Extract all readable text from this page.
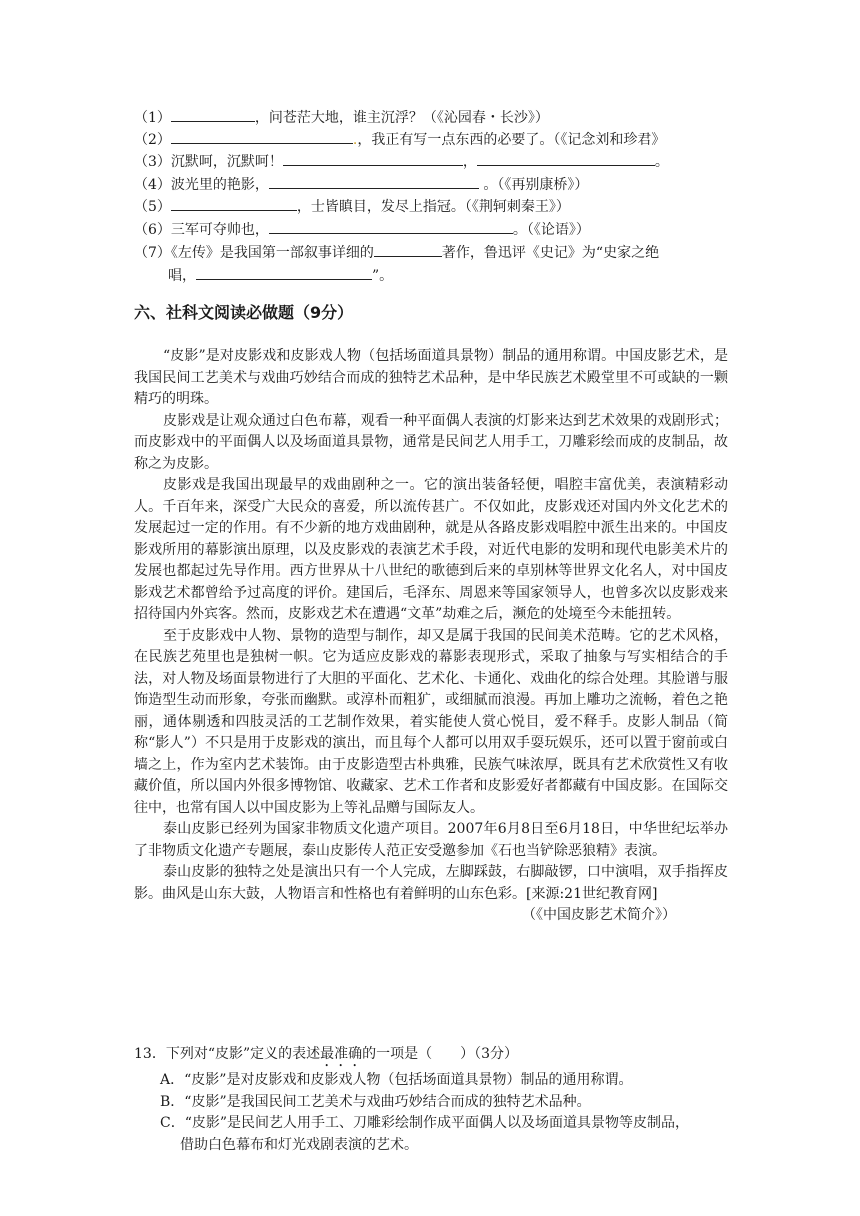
（1）	，问苍茫大地，谁主沉浮？（《沁园春・长沙》）
（2）	.，我正有写一点东西的必要了。（《记念刘和珍君》
（3）沉默呵，沉默呵！	，	。
（4）波光里的艳影，	。（《再别康桥》）
（5）	，士皆瞋目，发尽上指冠。（《荆轲刺秦王》）
（6）三军可夺帅也，	。（《论语》）
（7）《左传》是我国第一部叙事详细的	著作，鲁迅评《史记》为“史家之绝
唱，	”。
六、社科文阅读必做题（9分）

“皮影”是对皮影戏和皮影戏人物（包括场面道具景物）制品的通用称谓。中国皮影艺术，是我国民间工艺美术与戏曲巧妙结合而成的独特艺术品种，是中华民族艺术殿堂里不可或缺的一颗精巧的明珠。

皮影戏是让观众通过白色布幕，观看一种平面偶人表演的灯影来达到艺术效果的戏剧形式；而皮影戏中的平面偶人以及场面道具景物，通常是民间艺人用手工，刀雕彩绘而成的皮制品，故称之为皮影。

皮影戏是我国出现最早的戏曲剧种之一。它的演出装备轻便，唱腔丰富优美，表演精彩动人。千百年来，深受广大民众的喜爱，所以流传甚广。不仅如此，皮影戏还对国内外文化艺术的发展起过一定的作用。有不少新的地方戏曲剧种，就是从各路皮影戏唱腔中派生出来的。中国皮影戏所用的幕影演出原理，以及皮影戏的表演艺术手段，对近代电影的发明和现代电影美术片的发展也都起过先导作用。西方世界从十八世纪的歌德到后来的卓别林等世界文化名人，对中国皮影戏艺术都曾给予过高度的评价。建国后，毛泽东、周恩来等国家领导人，也曾多次以皮影戏来招待国内外宾客。然而，皮影戏艺术在遭遇“文革”劫难之后，濒危的处境至今未能扭转。

至于皮影戏中人物、景物的造型与制作，却又是属于我国的民间美术范畴。它的艺术风格，在民族艺苑里也是独树一帜。它为适应皮影戏的幕影表现形式，采取了抽象与写实相结合的手法，对人物及场面景物进行了大胆的平面化、艺术化、卡通化、戏曲化的综合处理。其脸谱与服饰造型生动而形象，夸张而幽默。或淳朴而粗犷，或细腻而浪漫。再加上雕功之流畅，着色之艳丽，通体剔透和四肢灵活的工艺制作效果，着实能使人赏心悦目，爱不释手。皮影人制品（简称“影人”）不只是用于皮影戏的演出，而且每个人都可以用双手耍玩娱乐，还可以置于窗前或白墙之上，作为室内艺术装饰。由于皮影造型古朴典雅，民族气味浓厚，既具有艺术欣赏性又有收藏价值，所以国内外很多博物馆、收藏家、艺术工作者和皮影爱好者都藏有中国皮影。在国际交往中，也常有国人以中国皮影为上等礼品赠与国际友人。

泰山皮影已经列为国家非物质文化遗产项目。2007年6月8日至6月18日，中华世纪坛举办了非物质文化遗产专题展，泰山皮影传人范正安受邀参加《石也当铲除恶狼精》表演。

泰山皮影的独特之处是演出只有一个人完成，左脚踩鼓，右脚敲锣，口中演唱，双手指挥皮影。曲风是山东大鼓，人物语言和性格也有着鲜明的山东色彩。[来源:21世纪教育网]

（《中国皮影艺术简介》）

13．下列对“皮影”定义的表述最准确的一项是（　　）（3分）

A．“皮影”是对皮影戏和皮影戏人物（包括场面道具景物）制品的通用称谓。

B．“皮影”是我国民间工艺美术与戏曲巧妙结合而成的独特艺术品种。

C．“皮影”是民间艺人用手工、刀雕彩绘制作成平面偶人以及场面道具景物等皮制品，

借助白色幕布和灯光戏剧表演的艺术。
